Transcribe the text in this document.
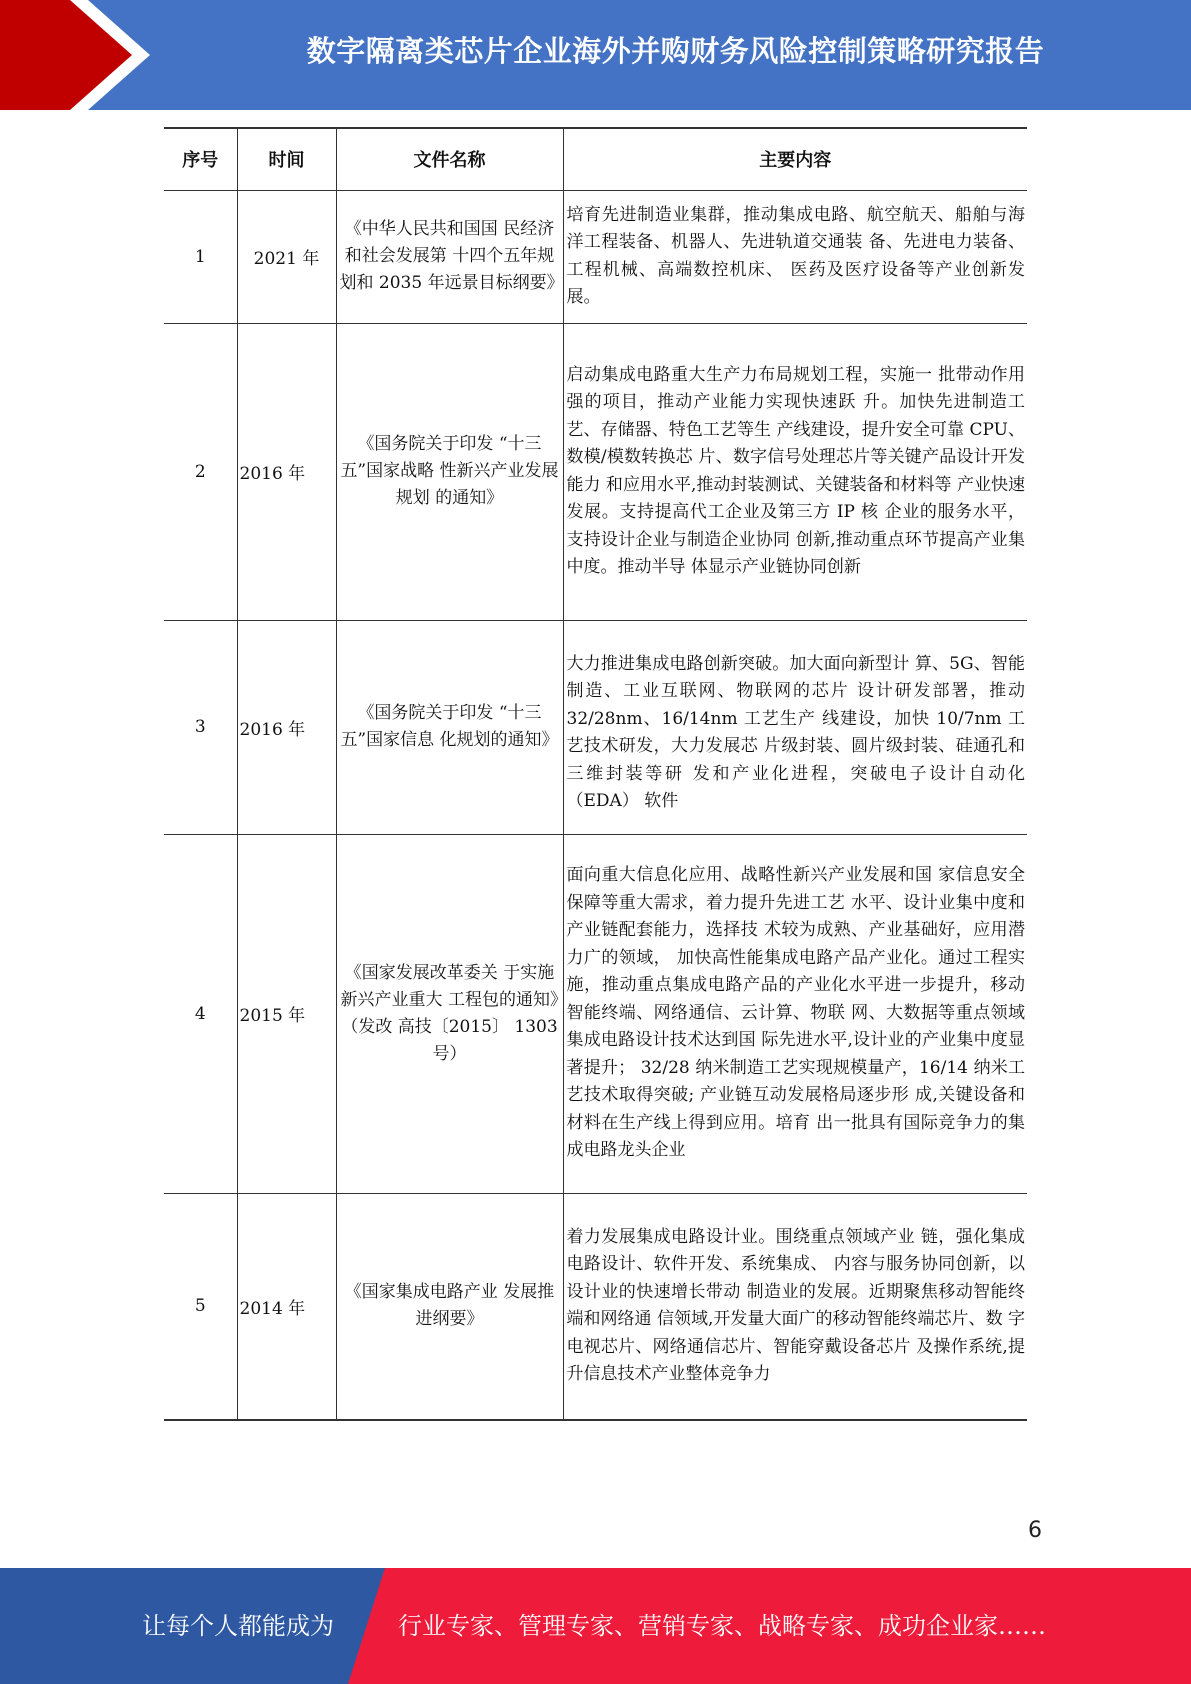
数字隔离类芯片企业海外并购财务风险控制策略研究报告
序号	时间	文件名称	主要内容
1	2021 年	《中华人民共和国国 民经济和社会发展第 十四个五年规划和 2035 年远景目标纲要》	培育先进制造业集群，推动集成电路、航空航天、船舶与海洋工程装备、机器人、先进轨道交通装 备、先进电力装备、工程机械、高端数控机床、 医药及医疗设备等产业创新发展。
2	2016 年	《国务院关于印发 “十三五”国家战略 性新兴产业发展规划 的通知》	启动集成电路重大生产力布局规划工程，实施一 批带动作用强的项目，推动产业能力实现快速跃 升。加快先进制造工艺、存储器、特色工艺等生 产线建设，提升安全可靠 CPU、数模/模数转换芯 片、数字信号处理芯片等关键产品设计开发能力 和应用水平,推动封装测试、关键装备和材料等 产业快速发展。支持提高代工企业及第三方 IP 核 企业的服务水平，支持设计企业与制造企业协同 创新,推动重点环节提高产业集中度。推动半导 体显示产业链协同创新
3	2016 年	《国务院关于印发 “十三五”国家信息 化规划的通知》	大力推进集成电路创新突破。加大面向新型计 算、5G、智能制造、工业互联网、物联网的芯片 设计研发部署，推动 32/28nm、16/14nm 工艺生产 线建设，加快 10/7nm 工艺技术研发，大力发展芯 片级封装、圆片级封装、硅通孔和三维封装等研 发和产业化进程，突破电子设计自动化（EDA） 软件
4	2015 年	《国家发展改革委关 于实施新兴产业重大 工程包的通知》（发改 高技〔2015〕 1303 号）	面向重大信息化应用、战略性新兴产业发展和国 家信息安全保障等重大需求，着力提升先进工艺 水平、设计业集中度和产业链配套能力，选择技 术较为成熟、产业基础好，应用潜力广的领域， 加快高性能集成电路产品产业化。通过工程实 施，推动重点集成电路产品的产业化水平进一步提升，移动智能终端、网络通信、云计算、物联 网、大数据等重点领域集成电路设计技术达到国 际先进水平,设计业的产业集中度显著提升； 32/28 纳米制造工艺实现规模量产，16/14 纳米工 艺技术取得突破; 产业链互动发展格局逐步形 成,关键设备和材料在生产线上得到应用。培育 出一批具有国际竞争力的集成电路龙头企业
5	2014 年	《国家集成电路产业 发展推进纲要》	着力发展集成电路设计业。围绕重点领域产业 链，强化集成电路设计、软件开发、系统集成、 内容与服务协同创新，以设计业的快速增长带动 制造业的发展。近期聚焦移动智能终端和网络通 信领域,开发量大面广的移动智能终端芯片、数 字电视芯片、网络通信芯片、智能穿戴设备芯片 及操作系统,提升信息技术产业整体竞争力
6
让每个人都能成为	行业专家、管理专家、营销专家、战略专家、成功企业家……
